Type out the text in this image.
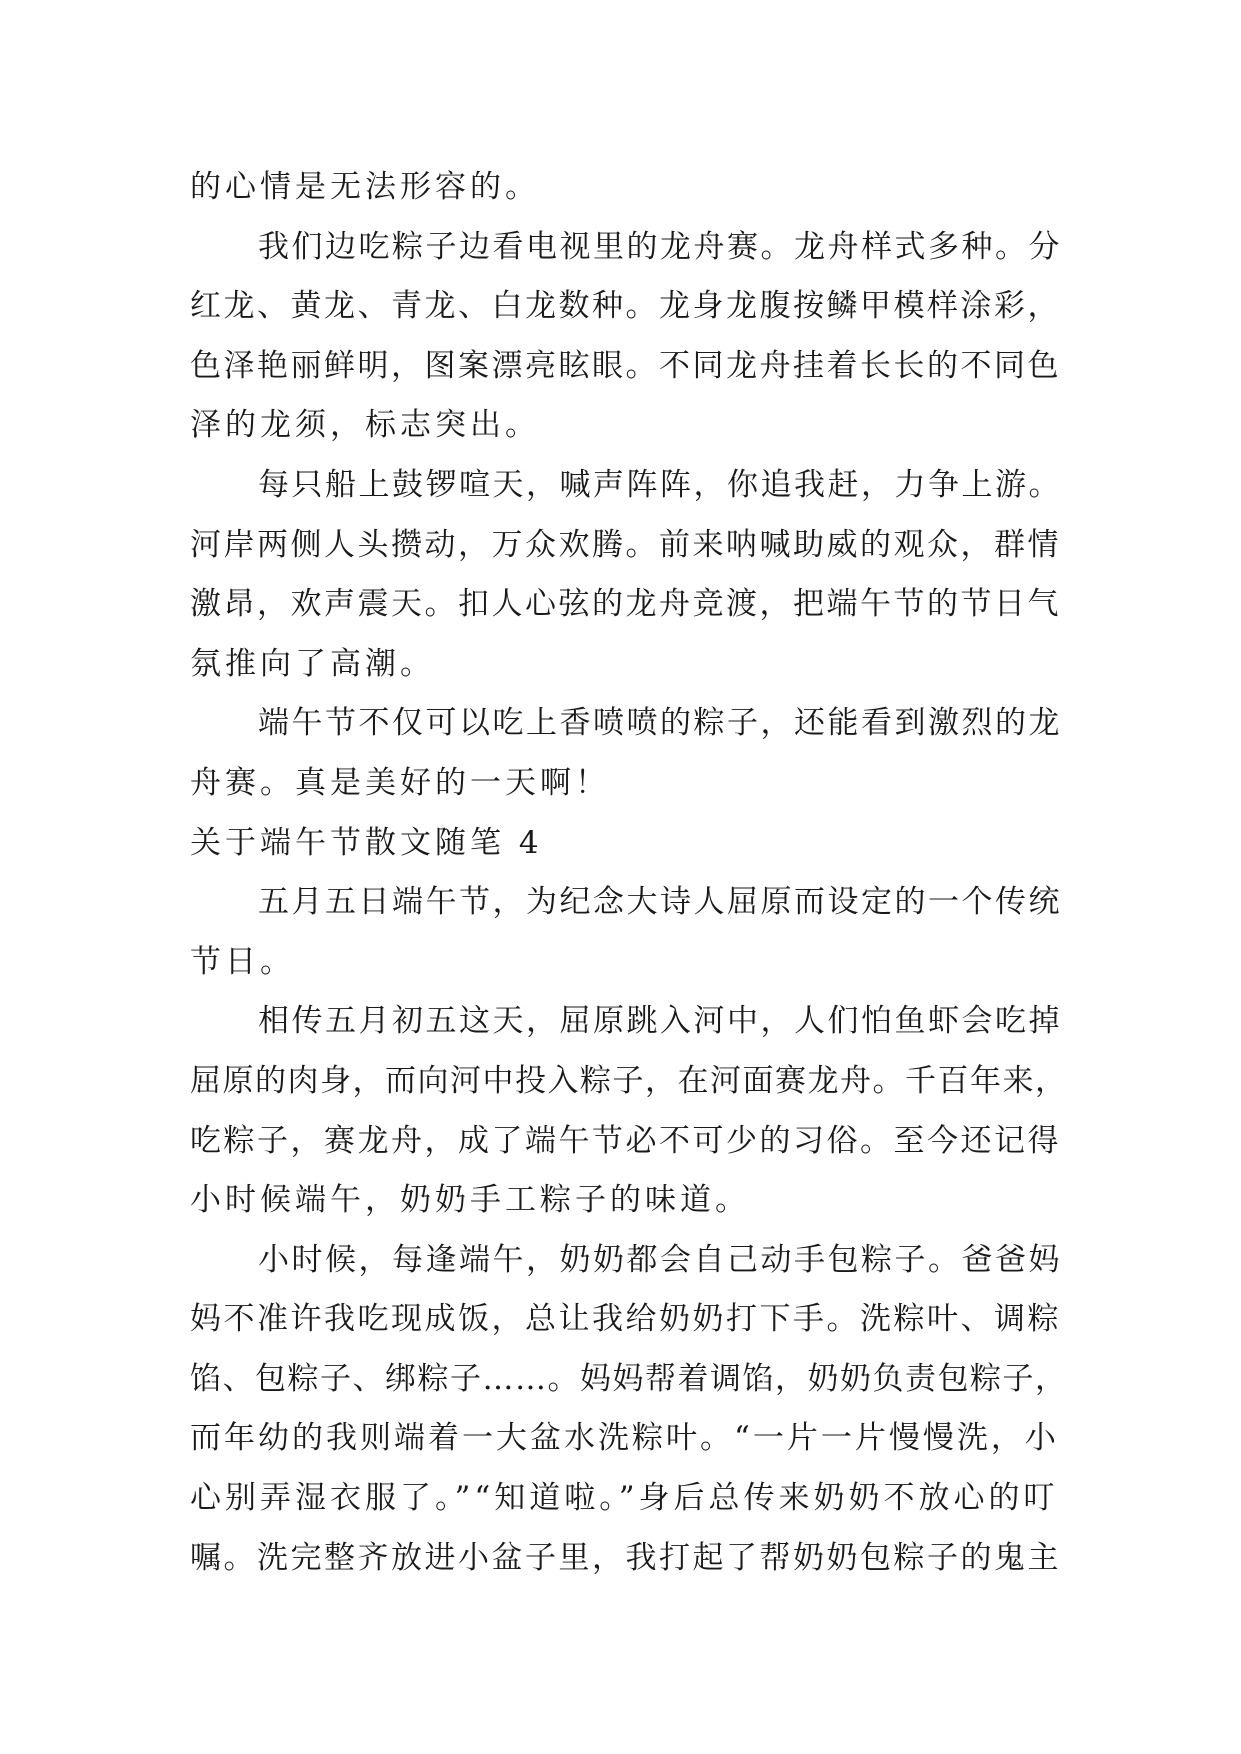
的心情是无法形容的。
我们边吃粽子边看电视里的龙舟赛。龙舟样式多种。分
红龙、黄龙、青龙、白龙数种。龙身龙腹按鳞甲模样涂彩，
色泽艳丽鲜明，图案漂亮眩眼。不同龙舟挂着长长的不同色
泽的龙须，标志突出。
每只船上鼓锣喧天，喊声阵阵，你追我赶，力争上游。
河岸两侧人头攒动，万众欢腾。前来呐喊助威的观众，群情
激昂，欢声震天。扣人心弦的龙舟竞渡，把端午节的节日气
氛推向了高潮。
端午节不仅可以吃上香喷喷的粽子，还能看到激烈的龙
舟赛。真是美好的一天啊！
关于端午节散文随笔 4
五月五日端午节，为纪念大诗人屈原而设定的一个传统
节日。
相传五月初五这天，屈原跳入河中，人们怕鱼虾会吃掉
屈原的肉身，而向河中投入粽子，在河面赛龙舟。千百年来，
吃粽子，赛龙舟，成了端午节必不可少的习俗。至今还记得
小时候端午，奶奶手工粽子的味道。
小时候，每逢端午，奶奶都会自己动手包粽子。爸爸妈
妈不准许我吃现成饭，总让我给奶奶打下手。洗粽叶、调粽
馅、包粽子、绑粽子……。妈妈帮着调馅，奶奶负责包粽子，
而年幼的我则端着一大盆水洗粽叶。“一片一片慢慢洗，小
心别弄湿衣服了。”“知道啦。”身后总传来奶奶不放心的叮
嘱。洗完整齐放进小盆子里，我打起了帮奶奶包粽子的鬼主
